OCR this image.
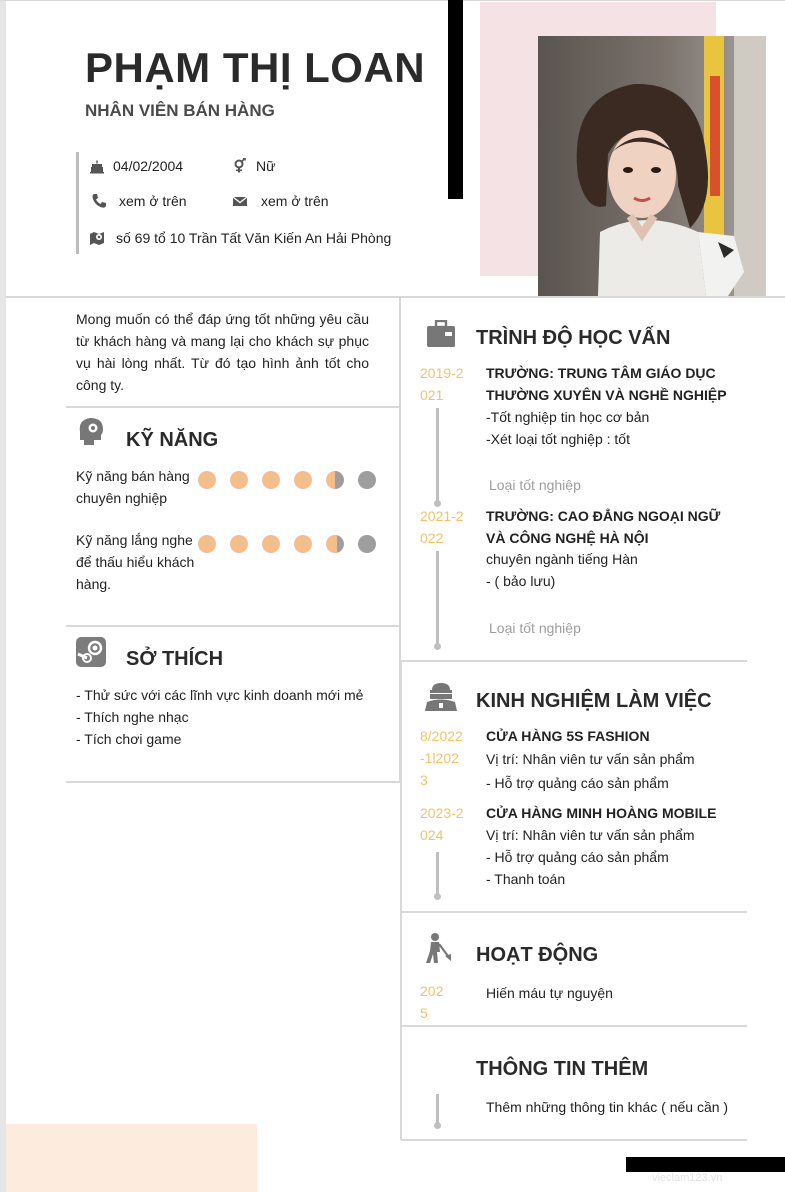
PHẠM THỊ LOAN
NHÂN VIÊN BÁN HÀNG
04/02/2004	Nữ
xem ở trên	xem ở trên
số 69 tổ 10 Trần Tất Văn Kiến An Hải Phòng
Mong muốn có thể đáp ứng tốt những yêu cầu từ khách hàng và mang lại cho khách sự phục vụ hài lòng nhất. Từ đó tạo hình ảnh tốt cho công ty.
KỸ NĂNG
Kỹ năng bán hàng chuyên nghiệp
Kỹ năng lắng nghe để thấu hiểu khách hàng.
SỞ THÍCH
- Thử sức với các lĩnh vực kinh doanh mới mẻ
- Thích nghe nhạc
- Tích chơi game
TRÌNH ĐỘ HỌC VẤN
2019-2021
TRƯỜNG: TRUNG TÂM GIÁO DỤC THƯỜNG XUYÊN VÀ NGHỀ NGHIỆP
-Tốt nghiệp tin học cơ bản
-Xét loại tốt nghiệp : tốt
Loại tốt nghiệp
2021-2022
TRƯỜNG: CAO ĐẲNG NGOẠI NGỮ VÀ CÔNG NGHỆ HÀ NỘI
chuyên ngành tiếng Hàn
- ( bảo lưu)
Loại tốt nghiệp
KINH NGHIỆM LÀM VIỆC
8/2022-1l2023
CỬA HÀNG 5S FASHION
Vị trí: Nhân viên tư vấn sản phẩm
- Hỗ trợ quảng cáo sản phẩm
2023-2024
CỬA HÀNG MINH HOÀNG MOBILE
Vị trí: Nhân viên tư vấn sản phẩm
- Hỗ trợ quảng cáo sản phẩm
- Thanh toán
HOẠT ĐỘNG
2025
Hiến máu tự nguyện
THÔNG TIN THÊM
Thêm những thông tin khác ( nếu cần )
vieclam123.vn
